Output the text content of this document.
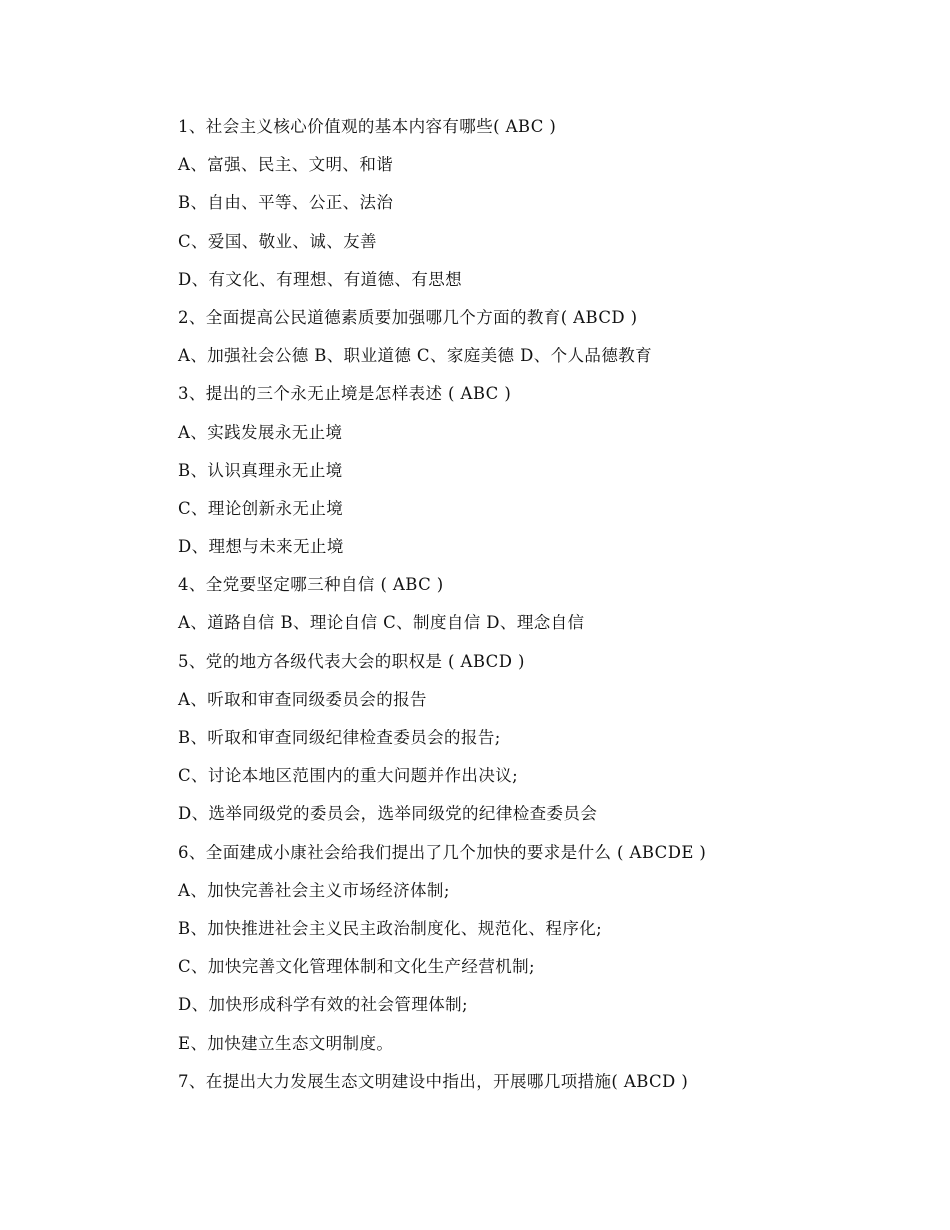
1、社会主义核心价值观的基本内容有哪些( ABC )
A、富强、民主、文明、和谐
B、自由、平等、公正、法治
C、爱国、敬业、诚、友善
D、有文化、有理想、有道德、有思想
2、全面提高公民道德素质要加强哪几个方面的教育( ABCD )
A、加强社会公德 B、职业道德 C、家庭美德 D、个人品德教育
3、提出的三个永无止境是怎样表述 ( ABC )
A、实践发展永无止境
B、认识真理永无止境
C、理论创新永无止境
D、理想与未来无止境
4、全党要坚定哪三种自信 ( ABC )
A、道路自信 B、理论自信 C、制度自信 D、理念自信
5、党的地方各级代表大会的职权是 ( ABCD )
A、听取和审查同级委员会的报告
B、听取和审查同级纪律检查委员会的报告;
C、讨论本地区范围内的重大问题并作出决议;
D、选举同级党的委员会，选举同级党的纪律检查委员会
6、全面建成小康社会给我们提出了几个加快的要求是什么 ( ABCDE )
A、加快完善社会主义市场经济体制;
B、加快推进社会主义民主政治制度化、规范化、程序化;
C、加快完善文化管理体制和文化生产经营机制;
D、加快形成科学有效的社会管理体制;
E、加快建立生态文明制度。
7、在提出大力发展生态文明建设中指出，开展哪几项措施( ABCD )
